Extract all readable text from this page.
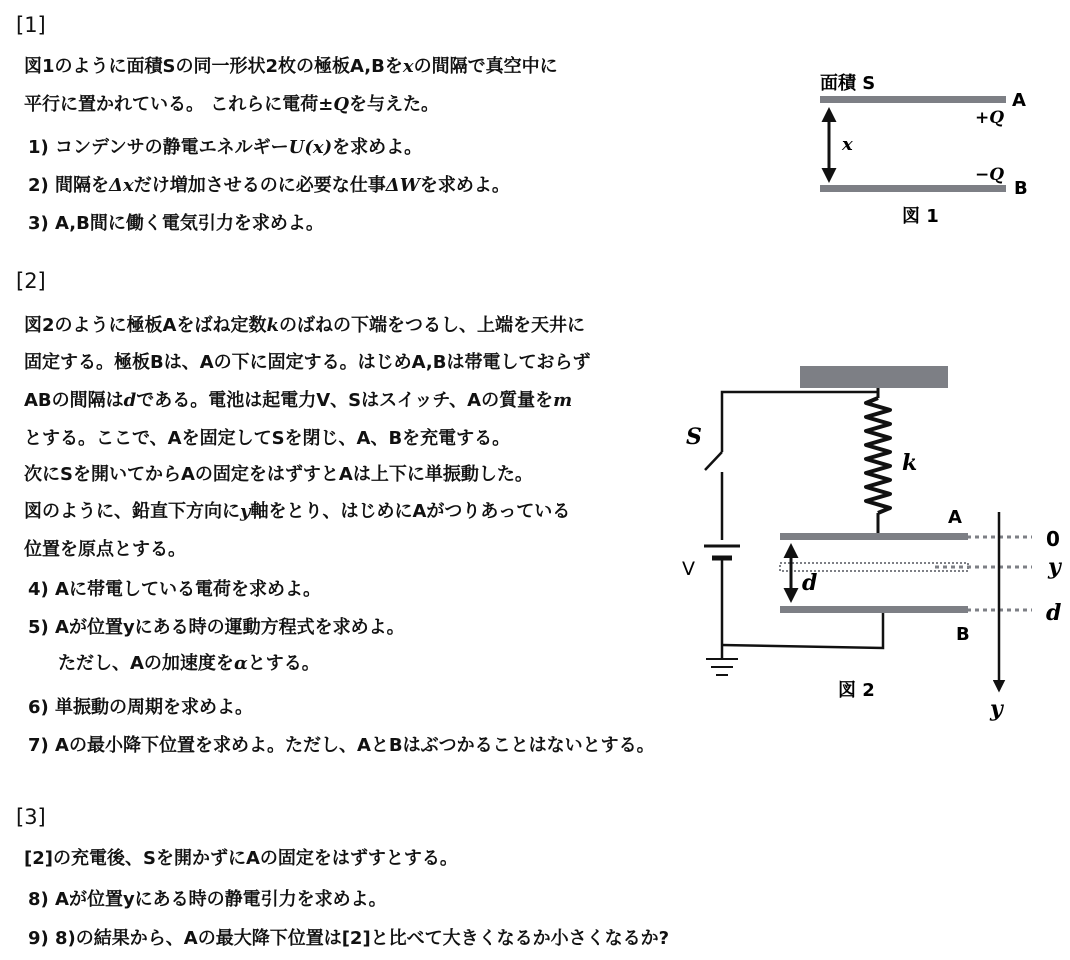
[1]
図1のように面積Sの同一形状2枚の極板A,Bをxの間隔で真空中に
平行に置かれている。 これらに電荷±Qを与えた。
1) コンデンサの静電エネルギーU(x)を求めよ。
2) 間隔をΔxだけ増加させるのに必要な仕事ΔWを求めよ。
3) A,B間に働く電気引力を求めよ。
[2]
図2のように極板Aをばね定数kのばねの下端をつるし、上端を天井に
固定する。極板Bは、Aの下に固定する。はじめA,Bは帯電しておらず
ABの間隔はdである。電池は起電力V、Sはスイッチ、Aの質量をm
とする。ここで、Aを固定してSを閉じ、A、Bを充電する。
次にSを開いてからAの固定をはずすとAは上下に単振動した。
図のように、鉛直下方向にy軸をとり、はじめにAがつりあっている
位置を原点とする。
4) Aに帯電している電荷を求めよ。
5) Aが位置yにある時の運動方程式を求めよ。
ただし、Aの加速度をαとする。
6) 単振動の周期を求めよ。
7) Aの最小降下位置を求めよ。ただし、AとBはぶつかることはないとする。
[3]
[2]の充電後、Sを開かずにAの固定をはずすとする。
8) Aが位置yにある時の静電引力を求めよ。
9) 8)の結果から、Aの最大降下位置は[2]と比べて大きくなるか小さくなるか?
面積 S
A
B
+Q
−Q
x
図 1
k
S
V
A
B
d
0
y
d
y
図 2
